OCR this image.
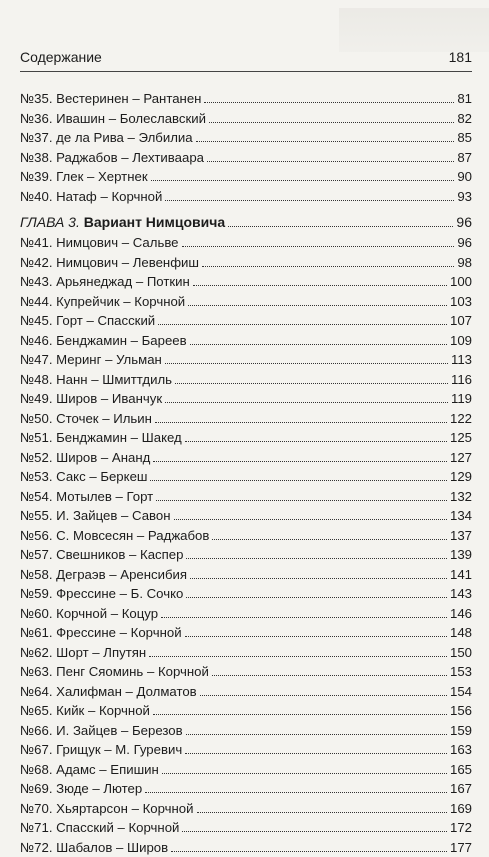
Содержание	181
№35. Вестеринен – Рантанен	81
№36. Ивашин – Болеславский	82
№37. де ла Рива – Элбилиа	85
№38. Раджабов – Лехтиваара	87
№39. Глек – Хертнек	90
№40. Натаф – Корчной	93
ГЛАВА 3. Вариант Нимцовича	96
№41. Нимцович – Сальве	96
№42. Нимцович – Левенфиш	98
№43. Арьянеджад – Поткин	100
№44. Купрейчик – Корчной	103
№45. Горт – Спасский	107
№46. Бенджамин – Бареев	109
№47. Меринг – Ульман	113
№48. Нанн – Шмиттдиль	116
№49. Широв – Иванчук	119
№50. Сточек – Ильин	122
№51. Бенджамин – Шакед	125
№52. Широв – Ананд	127
№53. Сакс – Беркеш	129
№54. Мотылев – Горт	132
№55. И. Зайцев – Савон	134
№56. С. Мовсесян – Раджабов	137
№57. Свешников – Каспер	139
№58. Деграэв – Аренсибия	141
№59. Фрессине – Б. Сочко	143
№60. Корчной – Коцур	146
№61. Фрессине – Корчной	148
№62. Шорт – Лпутян	150
№63. Пенг Сяоминь – Корчной	153
№64. Халифман – Долматов	154
№65. Кийк – Корчной	156
№66. И. Зайцев – Березов	159
№67. Грищук – М. Гуревич	163
№68. Адамс – Епишин	165
№69. Зюде – Лютер	167
№70. Хьяртарсон – Корчной	169
№71. Спасский – Корчной	172
№72. Шабалов – Широв	177
